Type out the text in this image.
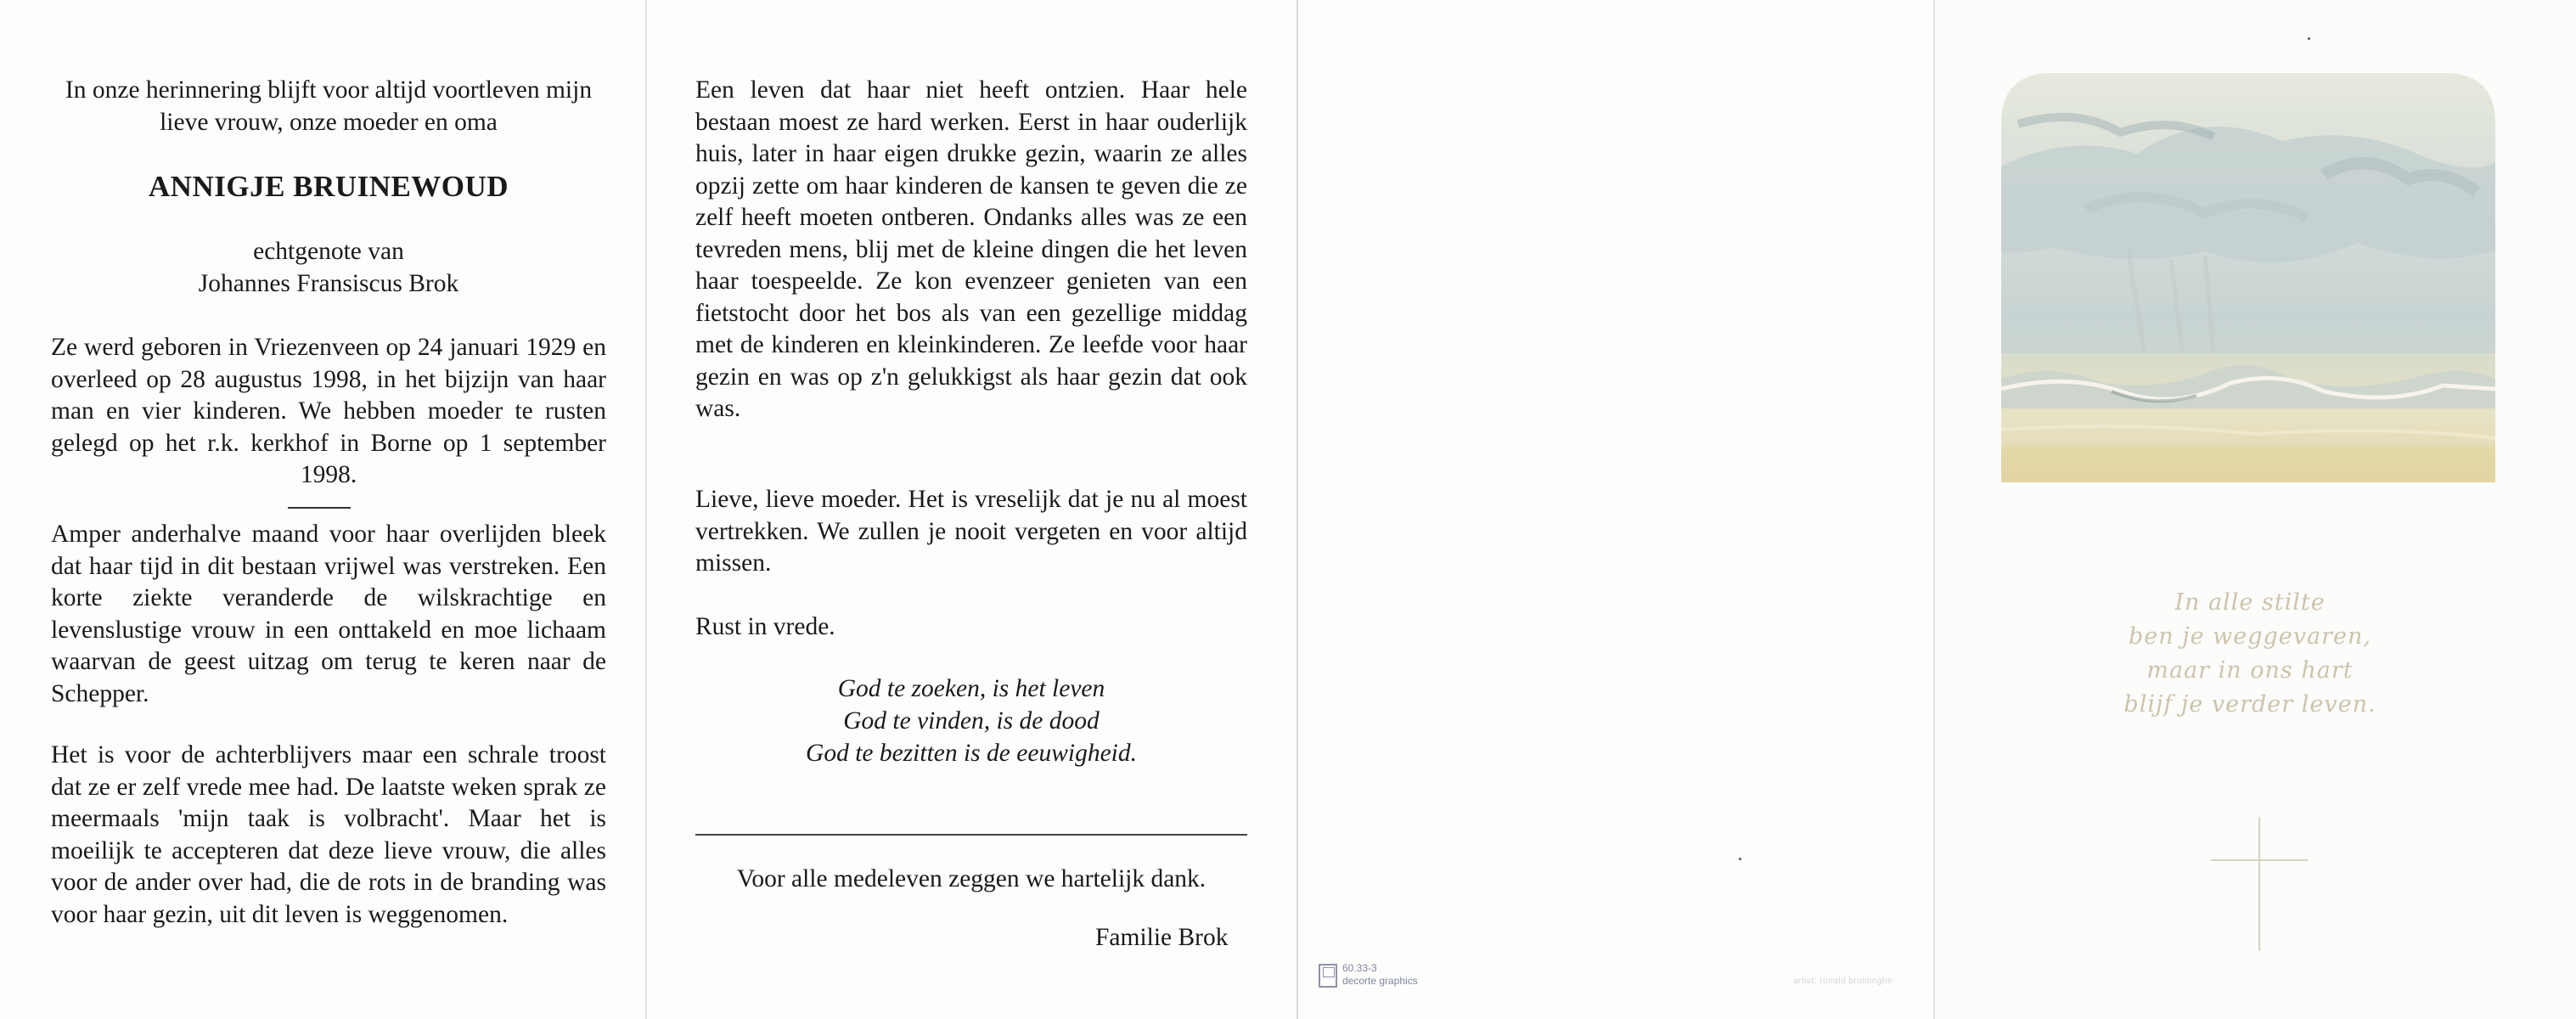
In onze herinnering blijft voor altijd voortleven mijn lieve vrouw, onze moeder en oma
ANNIGJE BRUINEWOUD
echtgenote van
Johannes Fransiscus Brok
Ze werd geboren in Vriezenveen op 24 januari 1929 en overleed op 28 augustus 1998, in het bijzijn van haar man en vier kinderen. We hebben moeder te rusten gelegd op het r.k. kerkhof in Borne op 1 september 1998.
Amper anderhalve maand voor haar overlijden bleek dat haar tijd in dit bestaan vrijwel was verstreken. Een korte ziekte veranderde de wilskrachtige en levenslustige vrouw in een onttakeld en moe lichaam waarvan de geest uitzag om terug te keren naar de Schepper.
Het is voor de achterblijvers maar een schrale troost dat ze er zelf vrede mee had. De laatste weken sprak ze meermaals 'mijn taak is volbracht'. Maar het is moeilijk te accepteren dat deze lieve vrouw, die alles voor de ander over had, die de rots in de branding was voor haar gezin, uit dit leven is weggenomen.
Een leven dat haar niet heeft ontzien. Haar hele bestaan moest ze hard werken. Eerst in haar ouderlijk huis, later in haar eigen drukke gezin, waarin ze alles opzij zette om haar kinderen de kansen te geven die ze zelf heeft moeten ontberen. Ondanks alles was ze een tevreden mens, blij met de kleine dingen die het leven haar toespeelde. Ze kon evenzeer genieten van een fietstocht door het bos als van een gezellige middag met de kinderen en kleinkinderen. Ze leefde voor haar gezin en was op z'n gelukkigst als haar gezin dat ook was.
Lieve, lieve moeder. Het is vreselijk dat je nu al moest vertrekken. We zullen je nooit vergeten en voor altijd missen.
Rust in vrede.
God te zoeken, is het leven
God te vinden, is de dood
God te bezitten is de eeuwigheid.
Voor alle medeleven zeggen we hartelijk dank.
Familie Brok
60.33-3
decorte graphics
In alle stilte
ben je weggevaren,
maar in ons hart
blijf je verder leven.
artist: ronald bruininghe
